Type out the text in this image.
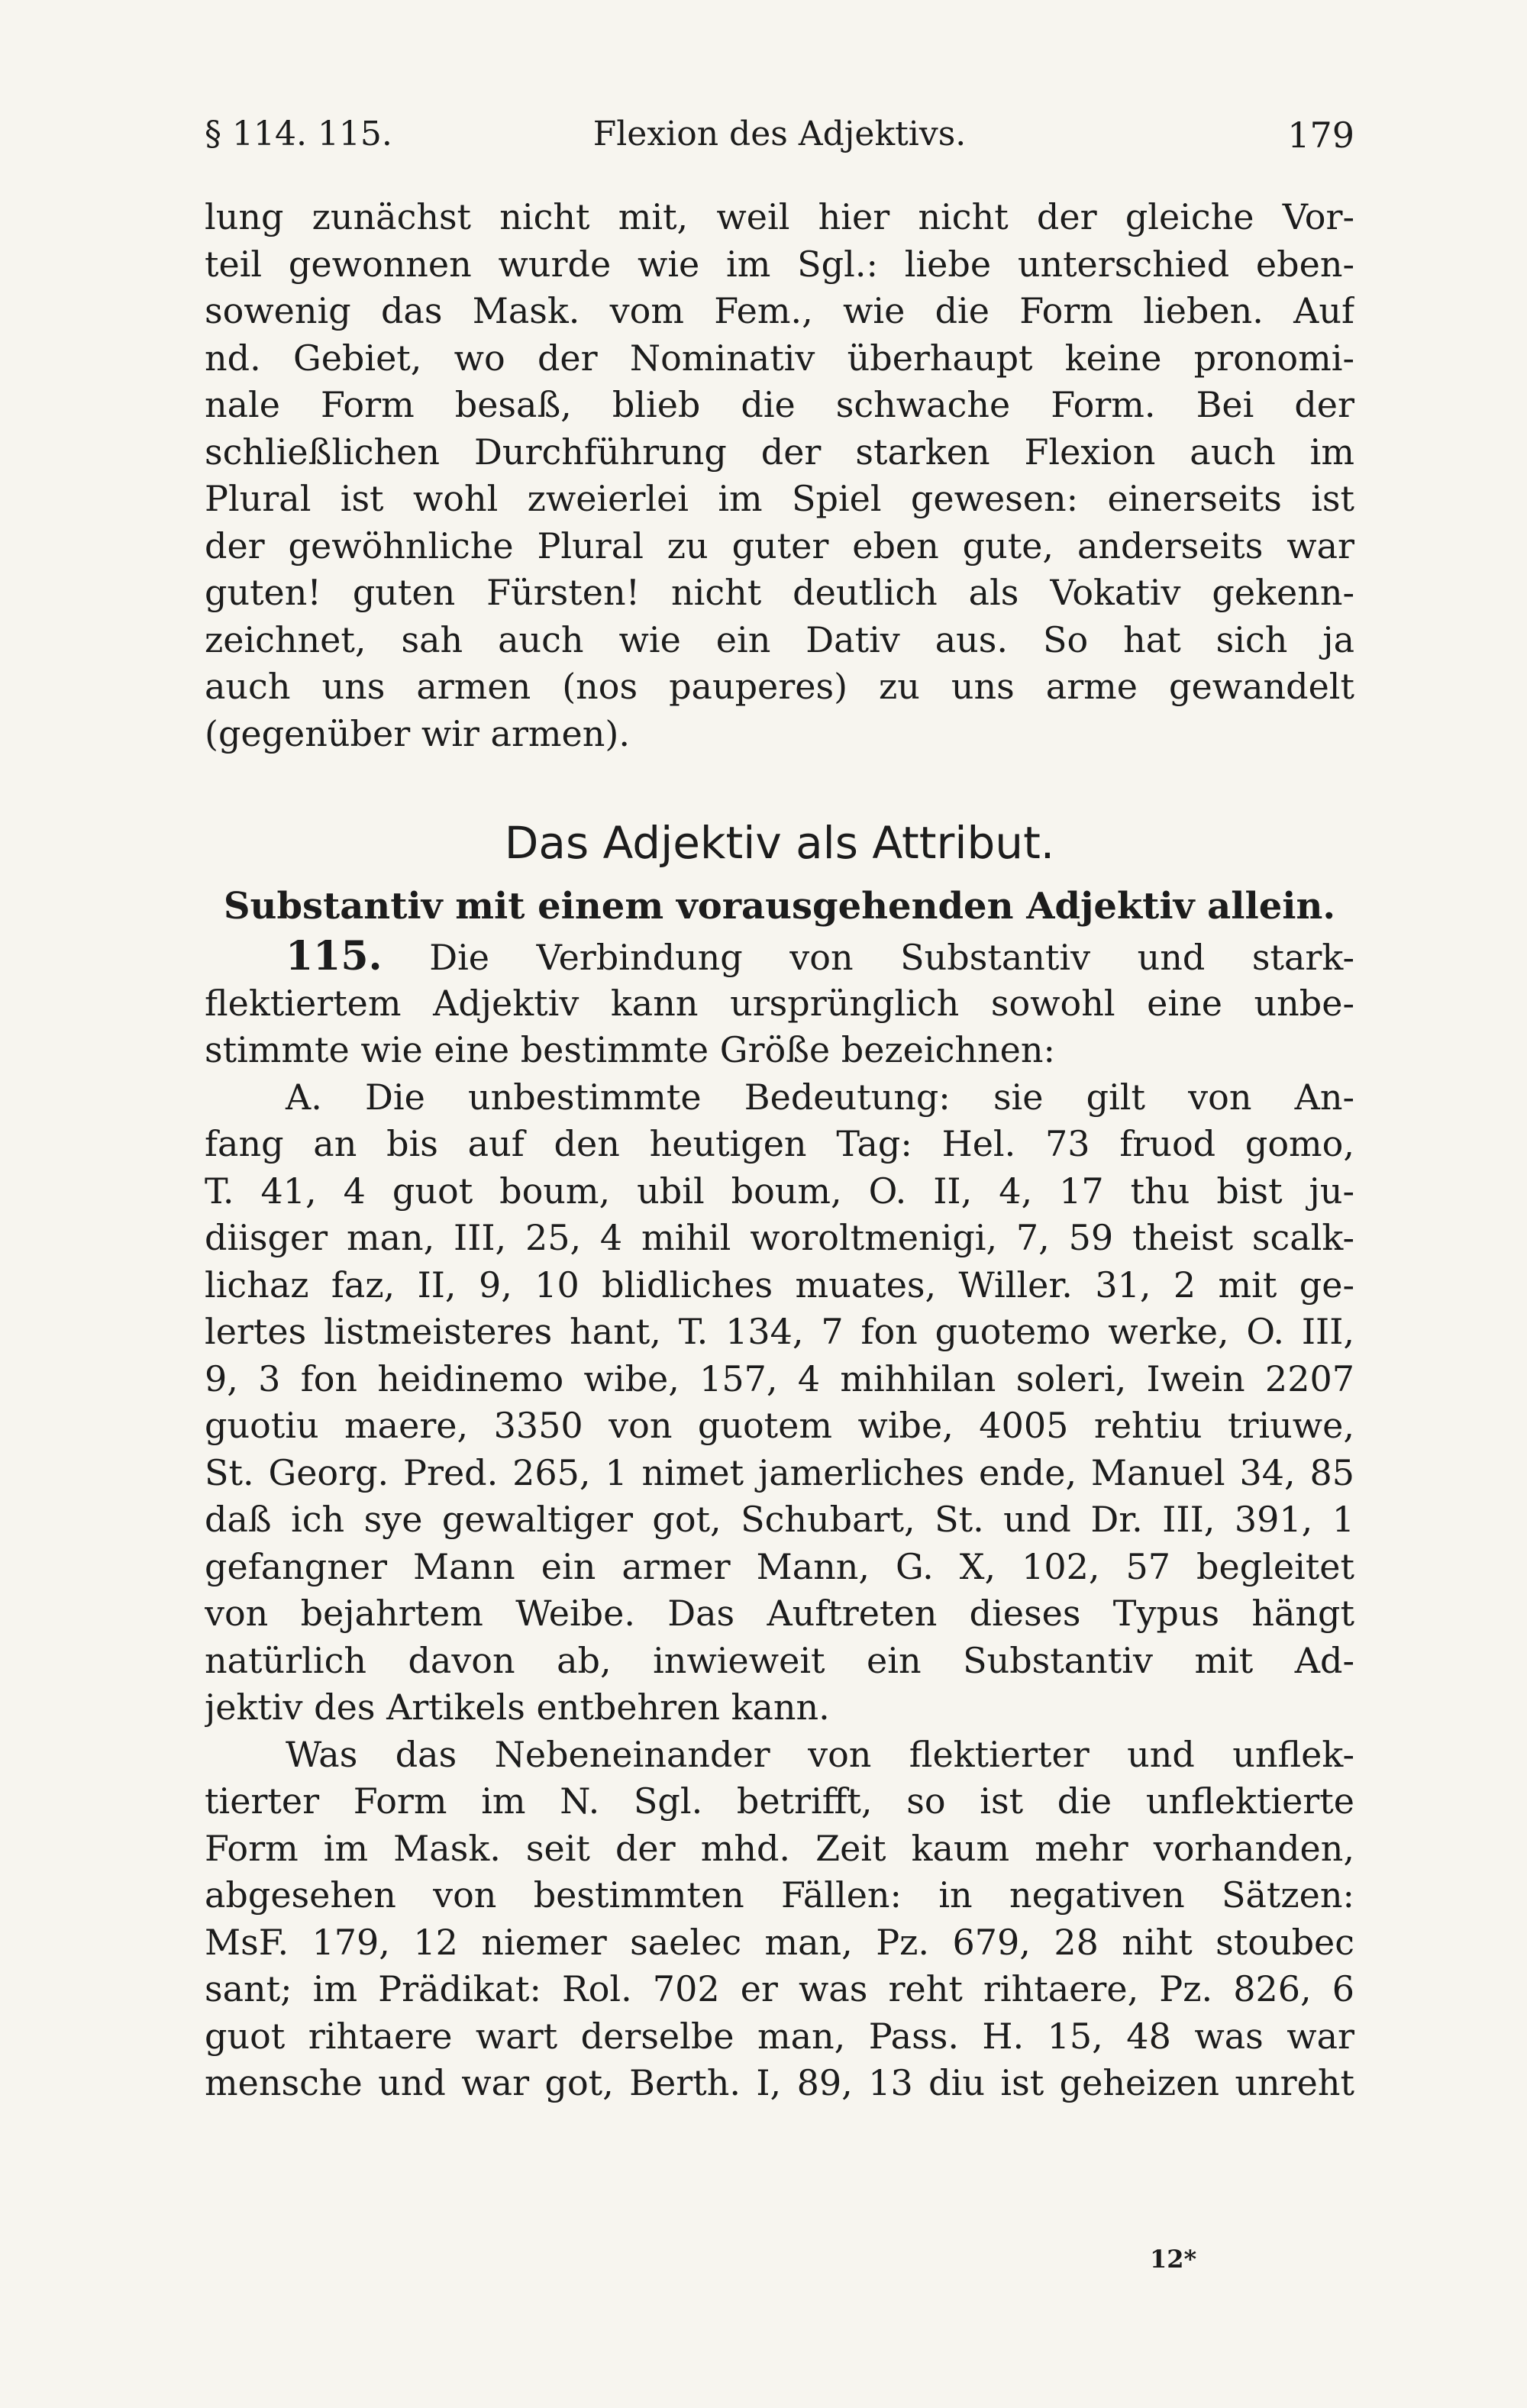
§ 114. 115.	Flexion des Adjektivs.	179
lung zunächst nicht mit, weil hier nicht der gleiche Vor-
teil gewonnen wurde wie im Sgl.: liebe unterschied eben-
sowenig das Mask. vom Fem., wie die Form lieben. Auf
nd. Gebiet, wo der Nominativ überhaupt keine pronomi-
nale Form besaß, blieb die schwache Form. Bei der
schließlichen Durchführung der starken Flexion auch im
Plural ist wohl zweierlei im Spiel gewesen: einerseits ist
der gewöhnliche Plural zu guter eben gute, anderseits war
guten! guten Fürsten! nicht deutlich als Vokativ gekenn-
zeichnet, sah auch wie ein Dativ aus. So hat sich ja
auch uns armen (nos pauperes) zu uns arme gewandelt
(gegenüber wir armen).
Das Adjektiv als Attribut.
Substantiv mit einem vorausgehenden Adjektiv allein.
115. Die Verbindung von Substantiv und stark-
flektiertem Adjektiv kann ursprünglich sowohl eine unbe-
stimmte wie eine bestimmte Größe bezeichnen:
A. Die unbestimmte Bedeutung: sie gilt von An-
fang an bis auf den heutigen Tag: Hel. 73 fruod gomo,
T. 41, 4 guot boum, ubil boum, O. II, 4, 17 thu bist ju-
diisger man, III, 25, 4 mihil woroltmenigi, 7, 59 theist scalk-
lichaz faz, II, 9, 10 blidliches muates, Willer. 31, 2 mit ge-
lertes listmeisteres hant, T. 134, 7 fon guotemo werke, O. III,
9, 3 fon heidinemo wibe, 157, 4 mihhilan soleri, Iwein 2207
guotiu maere, 3350 von guotem wibe, 4005 rehtiu triuwe,
St. Georg. Pred. 265, 1 nimet jamerliches ende, Manuel 34, 85
daß ich sye gewaltiger got, Schubart, St. und Dr. III, 391, 1
gefangner Mann ein armer Mann, G. X, 102, 57 begleitet
von bejahrtem Weibe. Das Auftreten dieses Typus hängt
natürlich davon ab, inwieweit ein Substantiv mit Ad-
jektiv des Artikels entbehren kann.
Was das Nebeneinander von flektierter und unflek-
tierter Form im N. Sgl. betrifft, so ist die unflektierte
Form im Mask. seit der mhd. Zeit kaum mehr vorhanden,
abgesehen von bestimmten Fällen: in negativen Sätzen:
MsF. 179, 12 niemer saelec man, Pz. 679, 28 niht stoubec
sant; im Prädikat: Rol. 702 er was reht rihtaere, Pz. 826, 6
guot rihtaere wart derselbe man, Pass. H. 15, 48 was war
mensche und war got, Berth. I, 89, 13 diu ist geheizen unreht
12*
